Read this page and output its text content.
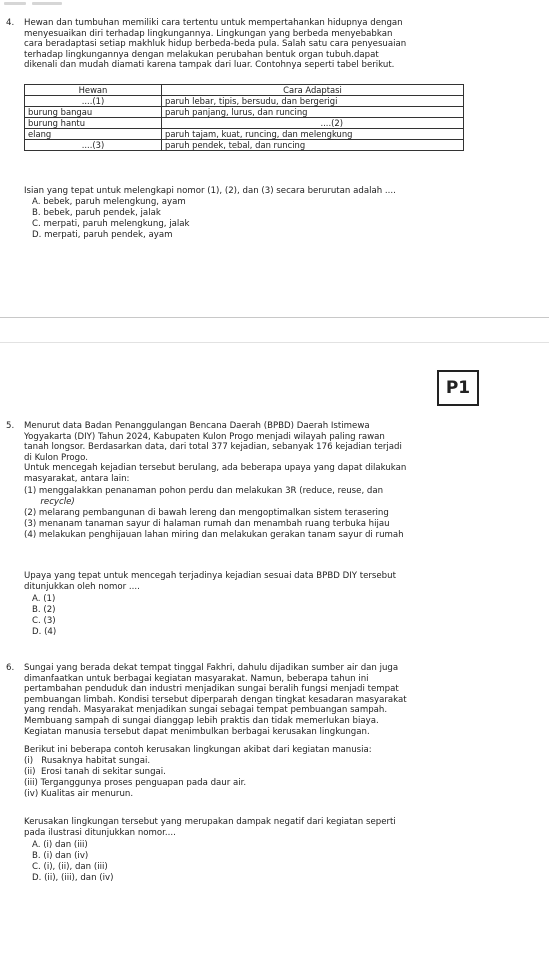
4. Hewan dan tumbuhan memiliki cara tertentu untuk mempertahankan hidupnya dengan
menyesuaikan diri terhadap lingkungannya. Lingkungan yang berbeda menyebabkan
cara beradaptasi setiap makhluk hidup berbeda-beda pula. Salah satu cara penyesuaian
terhadap lingkungannya dengan melakukan perubahan bentuk organ tubuh.dapat
dikenali dan mudah diamati karena tampak dari luar. Contohnya seperti tabel berikut.
Hewan	Cara Adaptasi
....(1)	paruh lebar, tipis, bersudu, dan bergerigi
burung bangau	paruh panjang, lurus, dan runcing
burung hantu	....(2)
elang	paruh tajam, kuat, runcing, dan melengkung
....(3)	paruh pendek, tebal, dan runcing
Isian yang tepat untuk melengkapi nomor (1), (2), dan (3) secara berurutan adalah ....
A. bebek, paruh melengkung, ayam
B. bebek, paruh pendek, jalak
C. merpati, paruh melengkung, jalak
D. merpati, paruh pendek, ayam
P1
5. Menurut data Badan Penanggulangan Bencana Daerah (BPBD) Daerah Istimewa
Yogyakarta (DIY) Tahun 2024, Kabupaten Kulon Progo menjadi wilayah paling rawan
tanah longsor. Berdasarkan data, dari total 377 kejadian, sebanyak 176 kejadian terjadi
di Kulon Progo.
Untuk mencegah kejadian tersebut berulang, ada beberapa upaya yang dapat dilakukan
masyarakat, antara lain:
(1) menggalakkan penanaman pohon perdu dan melakukan 3R (reduce, reuse, dan
recycle)
(2) melarang pembangunan di bawah lereng dan mengoptimalkan sistem terasering
(3) menanam tanaman sayur di halaman rumah dan menambah ruang terbuka hijau
(4) melakukan penghijauan lahan miring dan melakukan gerakan tanam sayur di rumah
Upaya yang tepat untuk mencegah terjadinya kejadian sesuai data BPBD DIY tersebut
ditunjukkan oleh nomor ....
A. (1)
B. (2)
C. (3)
D. (4)
6. Sungai yang berada dekat tempat tinggal Fakhri, dahulu dijadikan sumber air dan juga
dimanfaatkan untuk berbagai kegiatan masyarakat. Namun, beberapa tahun ini
pertambahan penduduk dan industri menjadikan sungai beralih fungsi menjadi tempat
pembuangan limbah. Kondisi tersebut diperparah dengan tingkat kesadaran masyarakat
yang rendah. Masyarakat menjadikan sungai sebagai tempat pembuangan sampah.
Membuang sampah di sungai dianggap lebih praktis dan tidak memerlukan biaya.
Kegiatan manusia tersebut dapat menimbulkan berbagai kerusakan lingkungan.
Berikut ini beberapa contoh kerusakan lingkungan akibat dari kegiatan manusia:
(i)   Rusaknya habitat sungai.
(ii)  Erosi tanah di sekitar sungai.
(iii) Terganggunya proses penguapan pada daur air.
(iv) Kualitas air menurun.
Kerusakan lingkungan tersebut yang merupakan dampak negatif dari kegiatan seperti
pada ilustrasi ditunjukkan nomor....
A. (i) dan (iii)
B. (i) dan (iv)
C. (i), (ii), dan (iii)
D. (ii), (iii), dan (iv)
